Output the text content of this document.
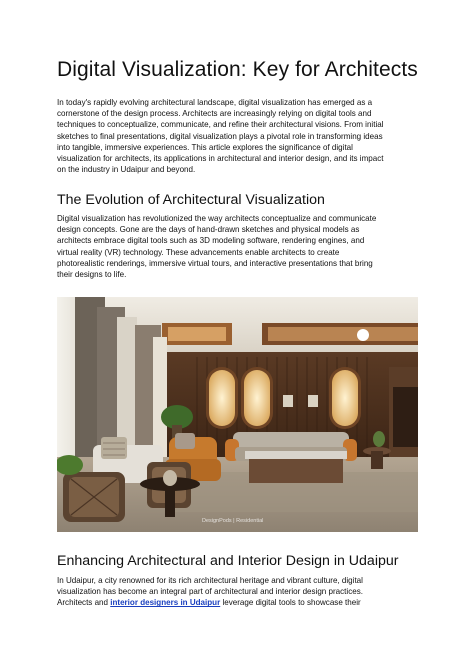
Digital Visualization: Key for Architects
In today's rapidly evolving architectural landscape, digital visualization has emerged as a
cornerstone of the design process. Architects are increasingly relying on digital tools and
techniques to conceptualize, communicate, and refine their architectural visions. From initial
sketches to final presentations, digital visualization plays a pivotal role in transforming ideas
into tangible, immersive experiences. This article explores the significance of digital
visualization for architects, its applications in architectural and interior design, and its impact
on the industry in Udaipur and beyond.
The Evolution of Architectural Visualization
Digital visualization has revolutionized the way architects conceptualize and communicate
design concepts. Gone are the days of hand-drawn sketches and physical models as
architects embrace digital tools such as 3D modeling software, rendering engines, and
virtual reality (VR) technology. These advancements enable architects to create
photorealistic renderings, immersive virtual tours, and interactive presentations that bring
their designs to life.
DesignPods | Residential
Enhancing Architectural and Interior Design in Udaipur
In Udaipur, a city renowned for its rich architectural heritage and vibrant culture, digital
visualization has become an integral part of architectural and interior design practices.
Architects and interior designers in Udaipur leverage digital tools to showcase their
